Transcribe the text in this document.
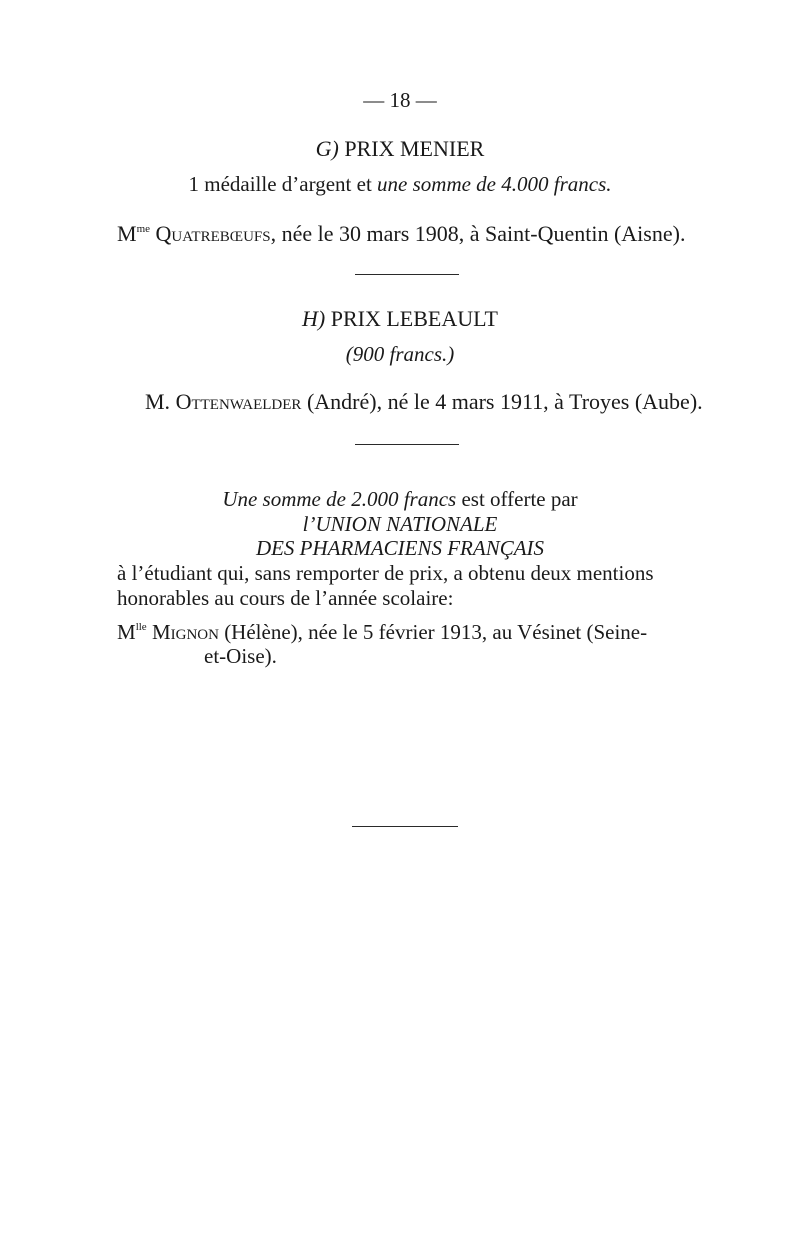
— 18 —
G) PRIX MENIER
1 médaille d’argent et une somme de 4.000 francs.
$M^{me}$ Quatrebœufs, née le 30 mars 1908, à Saint-Quentin (Aisne).
H) PRIX LEBEAULT
(900 francs.)
M. Ottenwaelder (André), né le 4 mars 1911, à Troyes (Aube).
Une somme de 2.000 francs est offerte par
l’UNION NATIONALE
DES PHARMACIENS FRANÇAIS
à l’étudiant qui, sans remporter de prix, a obtenu deux mentions
honorables au cours de l’année scolaire:
$M^{lle}$ Mignon (Hélène), née le 5 février 1913, au Vésinet (Seine-
et-Oise).
